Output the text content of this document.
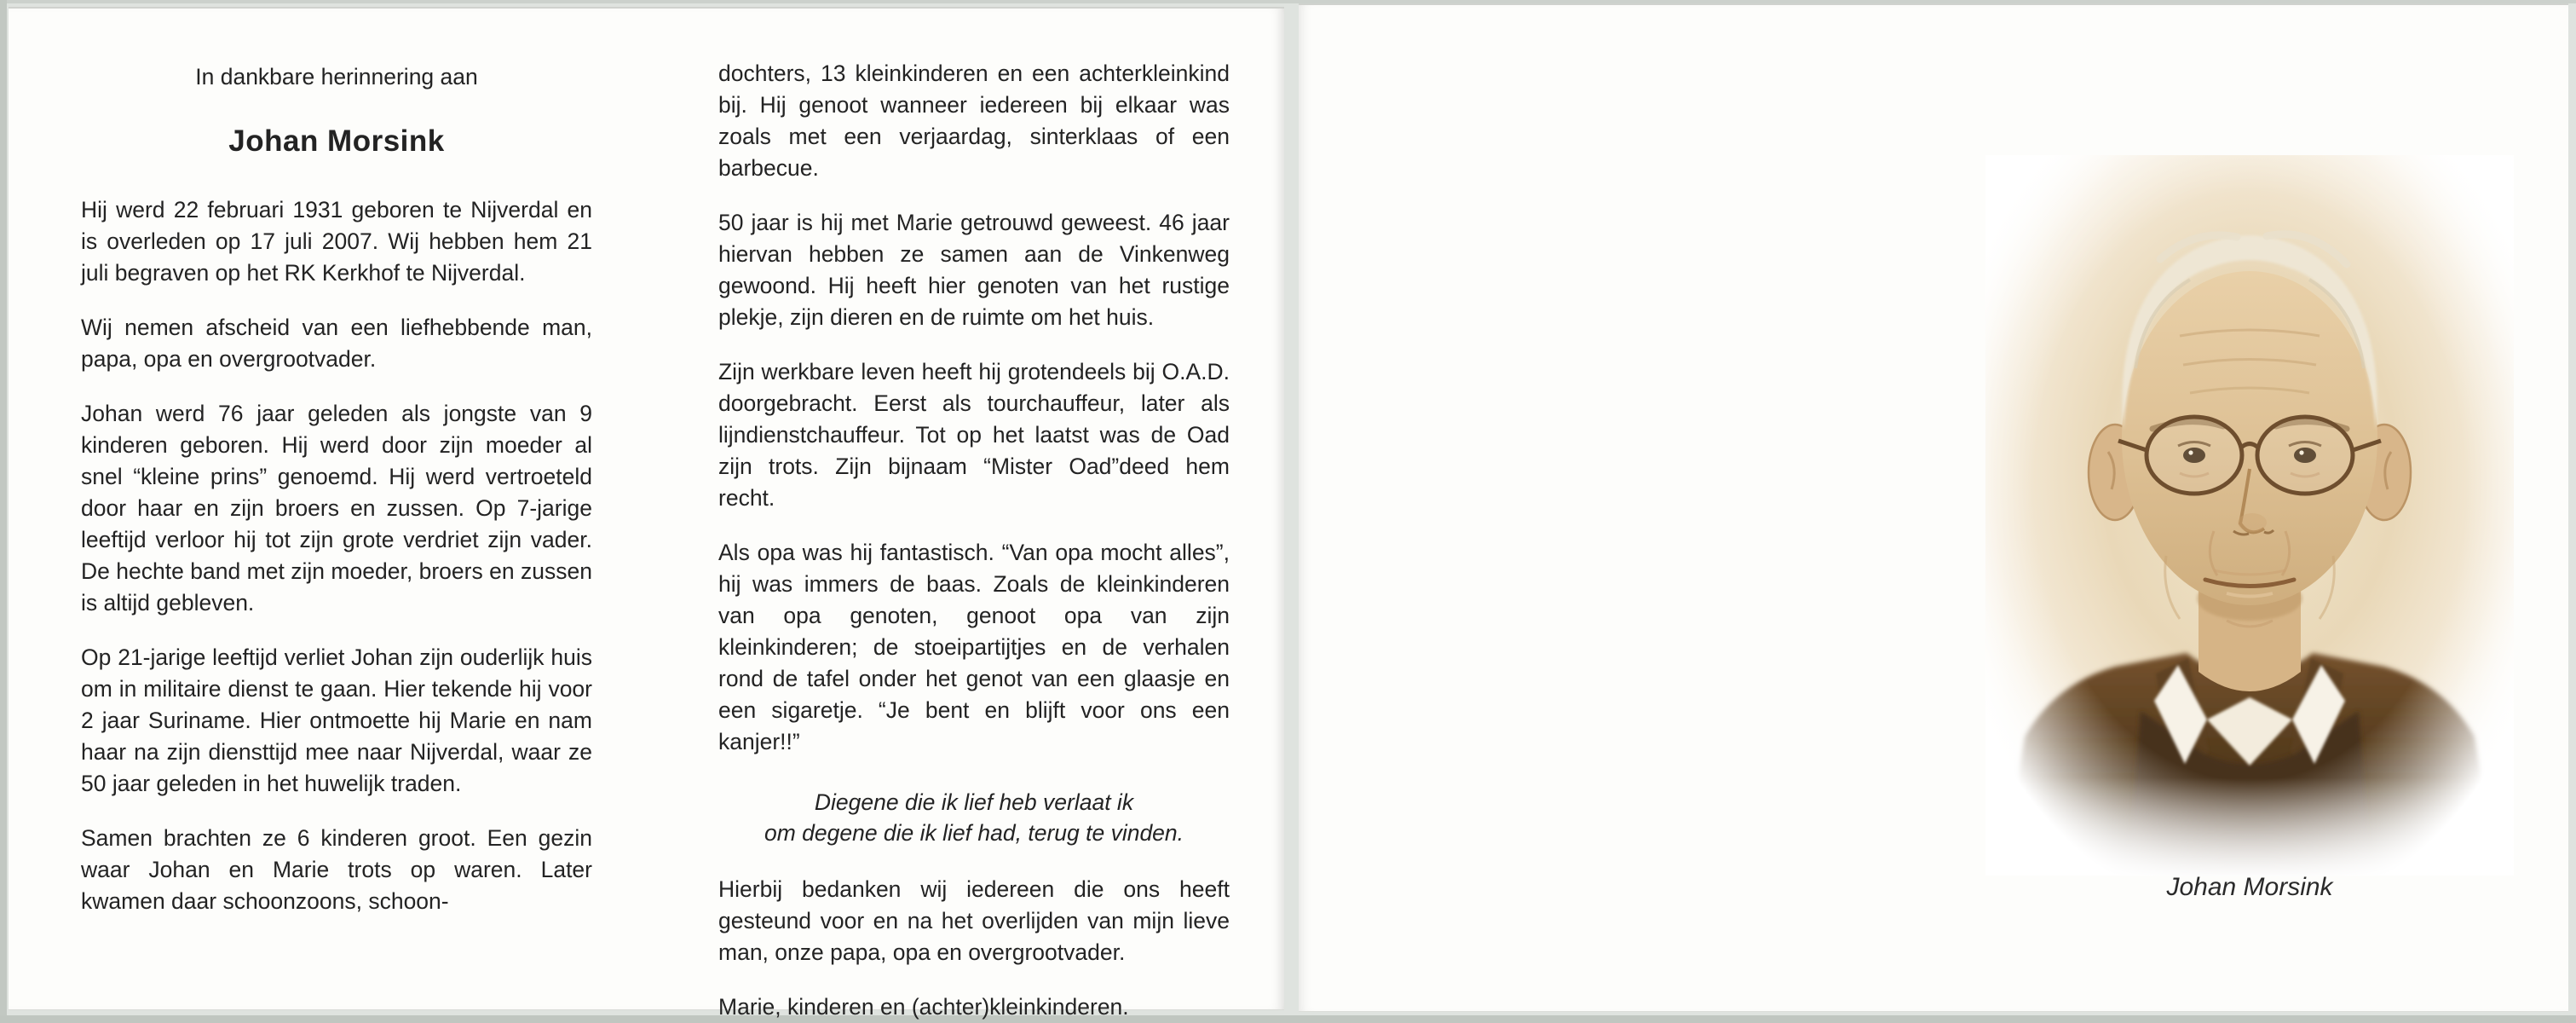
In dankbare herinnering aan
Johan Morsink

Hij werd 22 februari 1931 geboren te Nijverdal en is overleden op 17 juli 2007. Wij hebben hem 21 juli begraven op het RK Kerkhof te Nijverdal.

Wij nemen afscheid van een liefhebbende man, papa, opa en overgrootvader.

Johan werd 76 jaar geleden als jongste van 9 kinderen geboren. Hij werd door zijn moeder al snel “kleine prins” genoemd. Hij werd vertroeteld door haar en zijn broers en zussen. Op 7-jarige leeftijd verloor hij tot zijn grote verdriet zijn vader. De hechte band met zijn moeder, broers en zussen is altijd gebleven.

Op 21-jarige leeftijd verliet Johan zijn ouderlijk huis om in militaire dienst te gaan. Hier tekende hij voor 2 jaar Suriname. Hier ontmoette hij Marie en nam haar na zijn diensttijd mee naar Nijverdal, waar ze 50 jaar geleden in het huwelijk traden.

Samen brachten ze 6 kinderen groot. Een gezin waar Johan en Marie trots op waren. Later kwamen daar schoonzoons, schoon-

dochters, 13 kleinkinderen en een achterkleinkind bij. Hij genoot wanneer iedereen bij elkaar was zoals met een verjaardag, sinterklaas of een barbecue.

50 jaar is hij met Marie getrouwd geweest. 46 jaar hiervan hebben ze samen aan de Vinkenweg gewoond. Hij heeft hier genoten van het rustige plekje, zijn dieren en de ruimte om het huis.

Zijn werkbare leven heeft hij grotendeels bij O.A.D. doorgebracht. Eerst als tourchauffeur, later als lijndienstchauffeur. Tot op het laatst was de Oad zijn trots. Zijn bijnaam “Mister Oad”deed hem recht.

Als opa was hij fantastisch. “Van opa mocht alles”, hij was immers de baas. Zoals de kleinkinderen van opa genoten, genoot opa van zijn kleinkinderen; de stoeipartijtjes en de verhalen rond de tafel onder het genot van een glaasje en een sigaretje. “Je bent en blijft voor ons een kanjer!!”

Diegene die ik lief heb verlaat ik
om degene die ik lief had, terug te vinden.

Hierbij bedanken wij iedereen die ons heeft gesteund voor en na het overlijden van mijn lieve man, onze papa, opa en overgrootvader.

Marie, kinderen en (achter)kleinkinderen.
Johan Morsink
